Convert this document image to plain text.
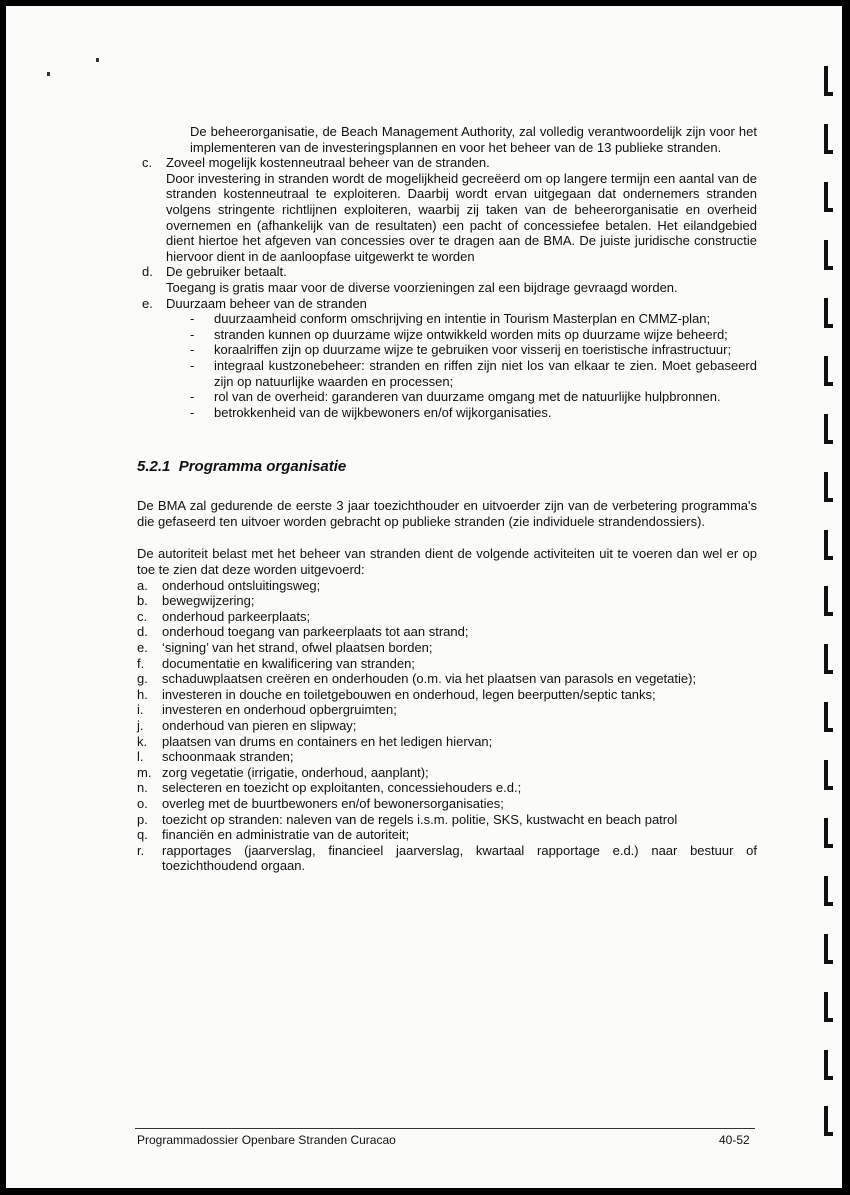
De beheerorganisatie, de Beach Management Authority, zal volledig verantwoordelijk zijn voor het implementeren van de investeringsplannen en voor het beheer van de 13 publieke stranden.

c.	Zoveel mogelijk kostenneutraal beheer van de stranden.
Door investering in stranden wordt de mogelijkheid gecreëerd om op langere termijn een aantal van de stranden kostenneutraal te exploiteren. Daarbij wordt ervan uitgegaan dat ondernemers stranden volgens stringente richtlijnen exploiteren, waarbij zij taken van de beheerorganisatie en overheid overnemen en (afhankelijk van de resultaten) een pacht of concessiefee betalen. Het eilandgebied dient hiertoe het afgeven van concessies over te dragen aan de BMA. De juiste juridische constructie hiervoor dient in de aanloopfase uitgewerkt te worden
d.	De gebruiker betaalt.
Toegang is gratis maar voor de diverse voorzieningen zal een bijdrage gevraagd worden.
e.	Duurzaam beheer van de stranden
-	duurzaamheid conform omschrijving en intentie in Tourism Masterplan en CMMZ-plan;
-	stranden kunnen op duurzame wijze ontwikkeld worden mits op duurzame wijze beheerd;
-	koraalriffen zijn op duurzame wijze te gebruiken voor visserij en toeristische infrastructuur;
-	integraal kustzonebeheer: stranden en riffen zijn niet los van elkaar te zien. Moet gebaseerd zijn op natuurlijke waarden en processen;
-	rol van de overheid: garanderen van duurzame omgang met de natuurlijke hulpbronnen.
-	betrokkenheid van de wijkbewoners en/of wijkorganisaties.
5.2.1 Programma organisatie

De BMA zal gedurende de eerste 3 jaar toezichthouder en uitvoerder zijn van de verbetering programma's die gefaseerd ten uitvoer worden gebracht op publieke stranden (zie individuele strandendossiers).

De autoriteit belast met het beheer van stranden dient de volgende activiteiten uit te voeren dan wel er op toe te zien dat deze worden uitgevoerd:

a.	onderhoud ontsluitingsweg;
b.	bewegwijzering;
c.	onderhoud parkeerplaats;
d.	onderhoud toegang van parkeerplaats tot aan strand;
e.	‘signing’ van het strand, ofwel plaatsen borden;
f.	documentatie en kwalificering van stranden;
g.	schaduwplaatsen creëren en onderhouden (o.m. via het plaatsen van parasols en vegetatie);
h.	investeren in douche en toiletgebouwen en onderhoud, legen beerputten/septic tanks;
i.	investeren en onderhoud opbergruimten;
j.	onderhoud van pieren en slipway;
k.	plaatsen van drums en containers en het ledigen hiervan;
l.	schoonmaak stranden;
m. zorg vegetatie (irrigatie, onderhoud, aanplant);
n.	selecteren en toezicht op exploitanten, concessiehouders e.d.;
o.	overleg met de buurtbewoners en/of bewonersorganisaties;
p.	toezicht op stranden: naleven van de regels i.s.m. politie, SKS, kustwacht en beach patrol
q.	financiën en administratie van de autoriteit;
r.	rapportages (jaarverslag, financieel jaarverslag, kwartaal rapportage e.d.) naar bestuur of toezichthoudend orgaan.
Programmadossier Openbare Stranden Curacao	40-52
